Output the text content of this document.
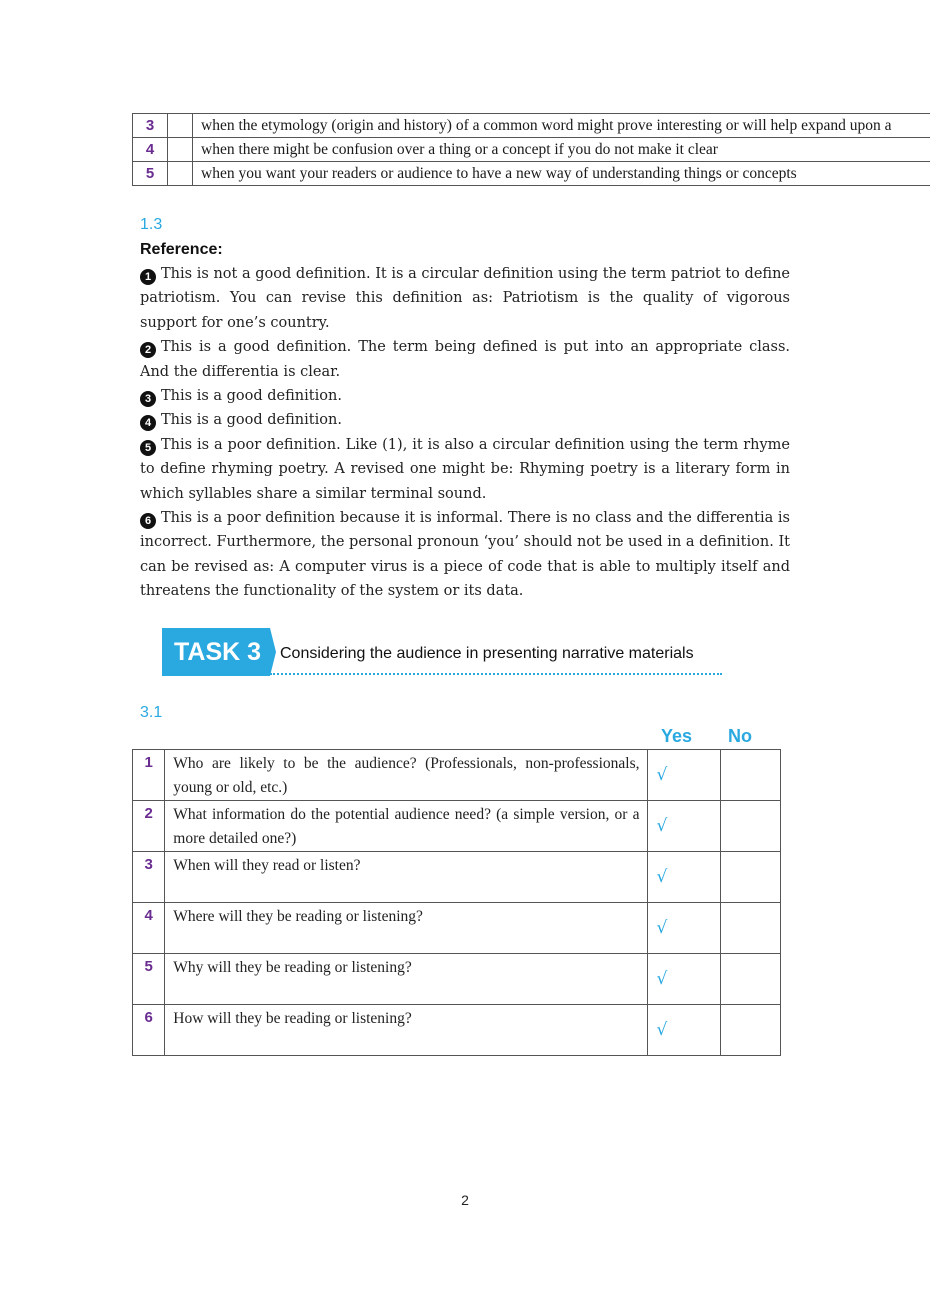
3		when the etymology (origin and history) of a common word might prove interesting or will help expand upon a
4		when there might be confusion over a thing or a concept if you do not make it clear
5		when you want your readers or audience to have a new way of understanding things or concepts
1.3
Reference:

1 This is not a good definition. It is a circular definition using the term patriot to define patriotism. You can revise this definition as: Patriotism is the quality of vigorous support for one’s country.

2 This is a good definition. The term being defined is put into an appropriate class. And the differentia is clear.

3 This is a good definition.

4 This is a good definition.

5 This is a poor definition. Like (1), it is also a circular definition using the term rhyme to define rhyming poetry. A revised one might be: Rhyming poetry is a literary form in which syllables share a similar terminal sound.

6 This is a poor definition because it is informal. There is no class and the differentia is incorrect. Furthermore, the personal pronoun ‘you’ should not be used in a definition. It can be revised as: A computer virus is a piece of code that is able to multiply itself and threatens the functionality of the system or its data.

TASK 3	Considering the audience in presenting narrative materials
3.1
Yes No
1	Who are likely to be the audience? (Professionals, non-professionals, young or old, etc.)	√	
2	What information do the potential audience need? (a simple version, or a more detailed one?)	√	
3	When will they read or listen?	√	
4	Where will they be reading or listening?	√	
5	Why will they be reading or listening?	√	
6	How will they be reading or listening?	√	
2
